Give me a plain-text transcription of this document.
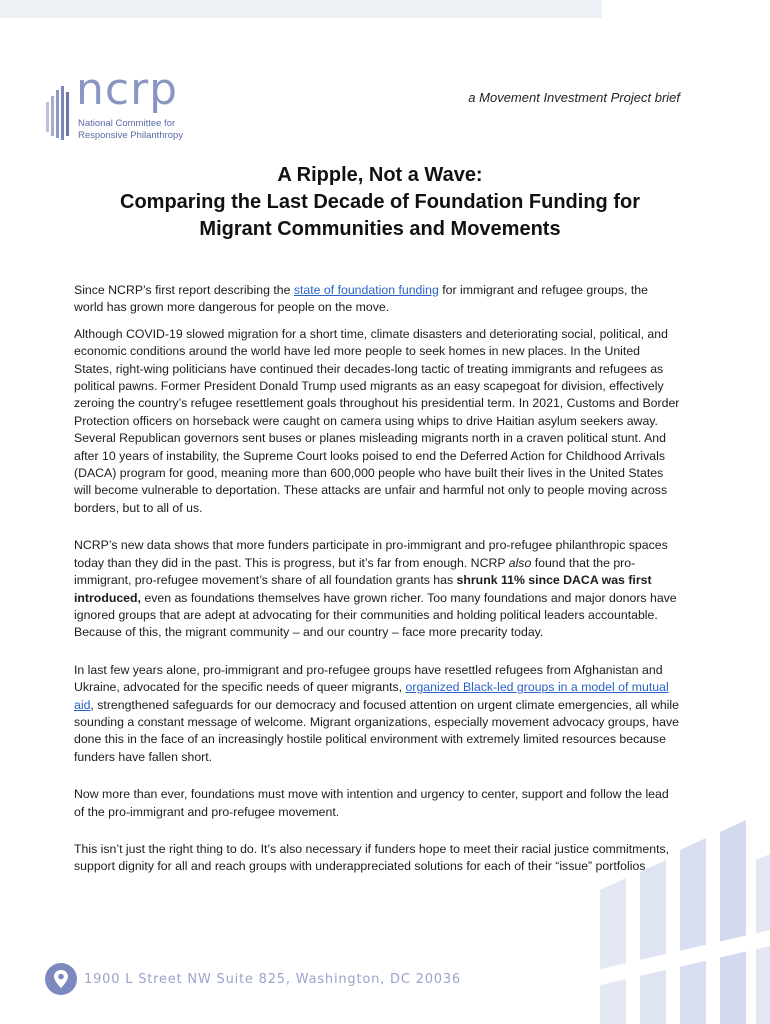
ncrp
National Committee for
Responsive Philanthropy
a Movement Investment Project brief
A Ripple, Not a Wave:
Comparing the Last Decade of Foundation Funding for
Migrant Communities and Movements

Since NCRP’s first report describing the state of foundation funding for immigrant and refugee groups, the world has grown more dangerous for people on the move.

Although COVID-19 slowed migration for a short time, climate disasters and deteriorating social, political, and economic conditions around the world have led more people to seek homes in new places. In the United States, right-wing politicians have continued their decades-long tactic of treating immigrants and refugees as political pawns. Former President Donald Trump used migrants as an easy scapegoat for division, effectively zeroing the country’s refugee resettlement goals throughout his presidential term. In 2021, Customs and Border Protection officers on horseback were caught on camera using whips to drive Haitian asylum seekers away. Several Republican governors sent buses or planes misleading migrants north in a craven political stunt. And after 10 years of instability, the Supreme Court looks poised to end the Deferred Action for Childhood Arrivals (DACA) program for good, meaning more than 600,000 people who have built their lives in the United States will become vulnerable to deportation. These attacks are unfair and harmful not only to people moving across borders, but to all of us.

NCRP’s new data shows that more funders participate in pro-immigrant and pro-refugee philanthropic spaces today than they did in the past. This is progress, but it’s far from enough. NCRP also found that the pro-immigrant, pro-refugee movement’s share of all foundation grants has shrunk 11% since DACA was first introduced, even as foundations themselves have grown richer. Too many foundations and major donors have ignored groups that are adept at advocating for their communities and holding political leaders accountable. Because of this, the migrant community – and our country – face more precarity today.

In last few years alone, pro-immigrant and pro-refugee groups have resettled refugees from Afghanistan and Ukraine, advocated for the specific needs of queer migrants, organized Black-led groups in a model of mutual aid, strengthened safeguards for our democracy and focused attention on urgent climate emergencies, all while sounding a constant message of welcome. Migrant organizations, especially movement advocacy groups, have done this in the face of an increasingly hostile political environment with extremely limited resources because funders have fallen short.

Now more than ever, foundations must move with intention and urgency to center, support and follow the lead of the pro-immigrant and pro-refugee movement.

This isn’t just the right thing to do. It’s also necessary if funders hope to meet their racial justice commitments, support dignity for all and reach groups with underappreciated solutions for each of their “issue” portfolios.

1900 L Street NW Suite 825, Washington, DC 20036
